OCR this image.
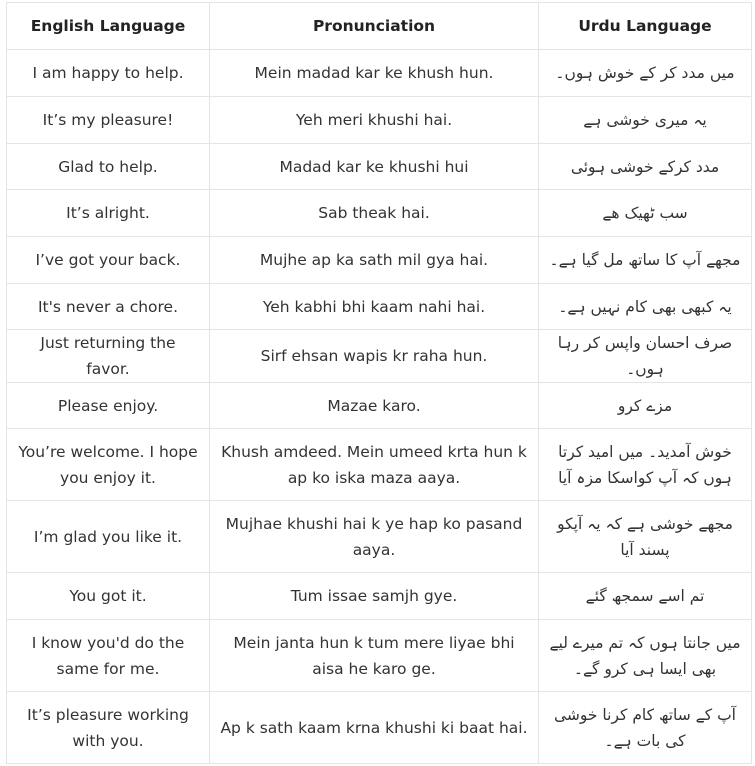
English Language	Pronunciation	Urdu Language
I am happy to help.	Mein madad kar ke khush hun.	میں مدد کر کے خوش ہوں۔
It’s my pleasure!	Yeh meri khushi hai.	یہ میری خوشی ہے
Glad to help.	Madad kar ke khushi hui	مدد کرکے خوشی ہوئی
It’s alright.	Sab theak hai.	سب ٹھیک ھے
I’ve got your back.	Mujhe ap ka sath mil gya hai.	مجھے آپ کا ساتھ مل گیا ہے۔
It's never a chore.	Yeh kabhi bhi kaam nahi hai.	یہ کبھی بھی کام نہیں ہے۔
Just returning the favor.	Sirf ehsan wapis kr raha hun.	صرف احسان واپس کر رہا ہوں۔
Please enjoy.	Mazae karo.	مزے کرو
You’re welcome. I hope you enjoy it.	Khush amdeed. Mein umeed krta hun k ap ko iska maza aaya.	خوش آمدید۔ میں امید کرتا ہوں کہ آپ کواسکا مزہ آیا
I’m glad you like it.	Mujhae khushi hai k ye hap ko pasand aaya.	مجھے خوشی ہے کہ یہ آپکو پسند آیا
You got it.	Tum issae samjh gye.	تم اسے سمجھ گئے
I know you'd do the same for me.	Mein janta hun k tum mere liyae bhi aisa he karo ge.	میں جانتا ہوں کہ تم میرے لیے بھی ایسا ہی کرو گے۔
It’s pleasure working with you.	Ap k sath kaam krna khushi ki baat hai.	آپ کے ساتھ کام کرنا خوشی کی بات ہے۔
